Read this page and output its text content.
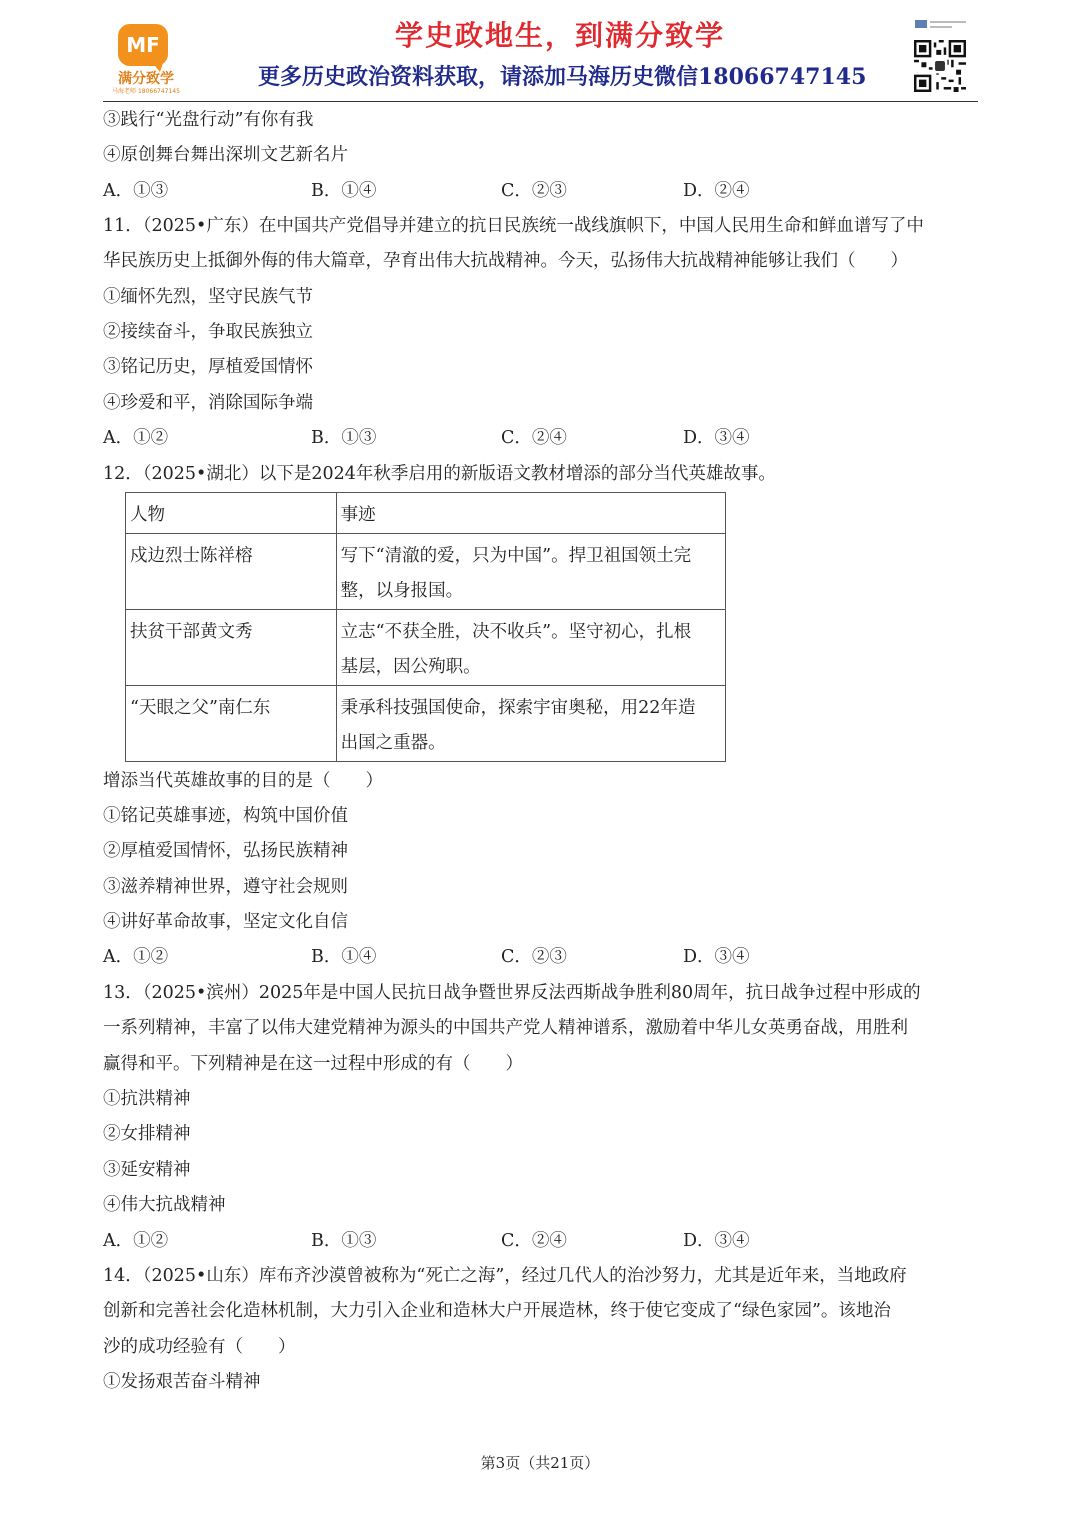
MF
满分致学
马海老师 18066747145
学史政地生，到满分致学
更多历史政治资料获取，请添加马海历史微信18066747145
③践行“光盘行动”有你有我
④原创舞台舞出深圳文艺新名片
A．①③	B．①④	C．②③	D．②④
11．（2025•广东）在中国共产党倡导并建立的抗日民族统一战线旗帜下，中国人民用生命和鲜血谱写了中
华民族历史上抵御外侮的伟大篇章，孕育出伟大抗战精神。今天，弘扬伟大抗战精神能够让我们（　　）
①缅怀先烈，坚守民族气节
②接续奋斗，争取民族独立
③铭记历史，厚植爱国情怀
④珍爱和平，消除国际争端
A．①②	B．①③	C．②④	D．③④
12．（2025•湖北）以下是2024年秋季启用的新版语文教材增添的部分当代英雄故事。
人物	事迹
戍边烈士陈祥榕	写下“清澈的爱，只为中国”。捍卫祖国领土完
整，以身报国。

扶贫干部黄文秀	立志“不获全胜，决不收兵”。坚守初心，扎根
基层，因公殉职。

“天眼之父”南仁东	秉承科技强国使命，探索宇宙奥秘，用22年造
出国之重器。
增添当代英雄故事的目的是（　　）
①铭记英雄事迹，构筑中国价值
②厚植爱国情怀，弘扬民族精神
③滋养精神世界，遵守社会规则
④讲好革命故事，坚定文化自信
A．①②	B．①④	C．②③	D．③④
13．（2025•滨州）2025年是中国人民抗日战争暨世界反法西斯战争胜利80周年，抗日战争过程中形成的
一系列精神，丰富了以伟大建党精神为源头的中国共产党人精神谱系，激励着中华儿女英勇奋战，用胜利
赢得和平。下列精神是在这一过程中形成的有（　　）
①抗洪精神
②女排精神
③延安精神
④伟大抗战精神
A．①②	B．①③	C．②④	D．③④
14．（2025•山东）库布齐沙漠曾被称为“死亡之海”，经过几代人的治沙努力，尤其是近年来，当地政府
创新和完善社会化造林机制，大力引入企业和造林大户开展造林，终于使它变成了“绿色家园”。该地治
沙的成功经验有（　　）
①发扬艰苦奋斗精神
第3页（共21页）
